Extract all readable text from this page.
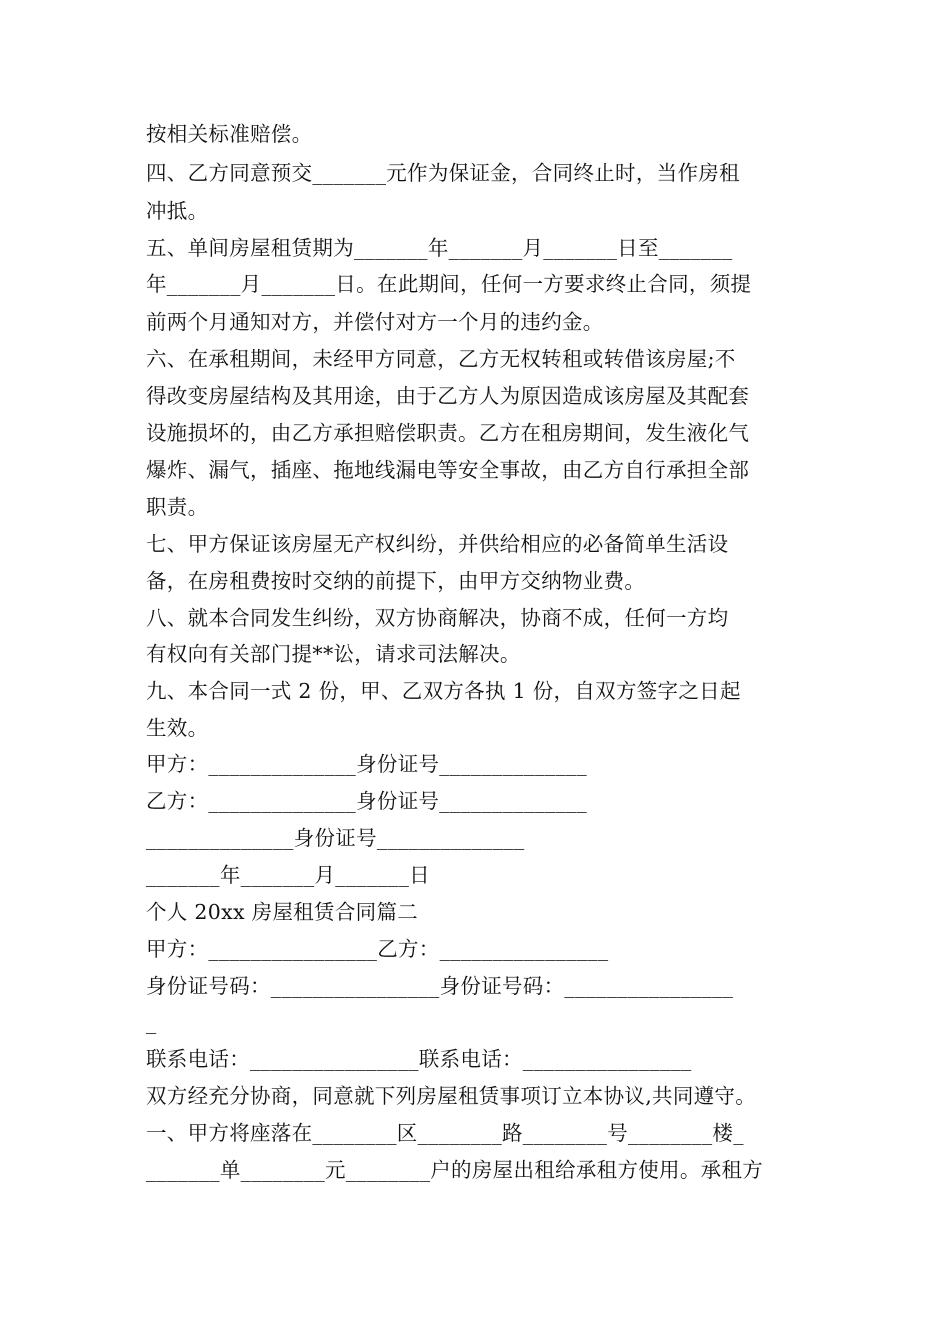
按相关标准赔偿。
四、乙方同意预交_______元作为保证金，合同终止时，当作房租
冲抵。
五、单间房屋租赁期为_______年_______月_______日至_______
年_______月_______日。在此期间，任何一方要求终止合同，须提
前两个月通知对方，并偿付对方一个月的违约金。
六、在承租期间，未经甲方同意，乙方无权转租或转借该房屋;不
得改变房屋结构及其用途，由于乙方人为原因造成该房屋及其配套
设施损坏的，由乙方承担赔偿职责。乙方在租房期间，发生液化气
爆炸、漏气，插座、拖地线漏电等安全事故，由乙方自行承担全部
职责。
七、甲方保证该房屋无产权纠纷，并供给相应的必备简单生活设
备，在房租费按时交纳的前提下，由甲方交纳物业费。
八、就本合同发生纠纷，双方协商解决，协商不成，任何一方均
有权向有关部门提**讼，请求司法解决。
九、本合同一式 2 份，甲、乙双方各执 1 份，自双方签字之日起
生效。
甲方：______________身份证号______________
乙方：______________身份证号______________
______________身份证号______________
_______年_______月_______日
个人 20xx 房屋租赁合同篇二
甲方：________________乙方：________________
身份证号码：________________身份证号码：________________
_
联系电话：________________联系电话：________________
双方经充分协商，同意就下列房屋租赁事项订立本协议,共同遵守。
一、甲方将座落在________区________路________号________楼_
_______单________元________户的房屋出租给承租方使用。承租方
